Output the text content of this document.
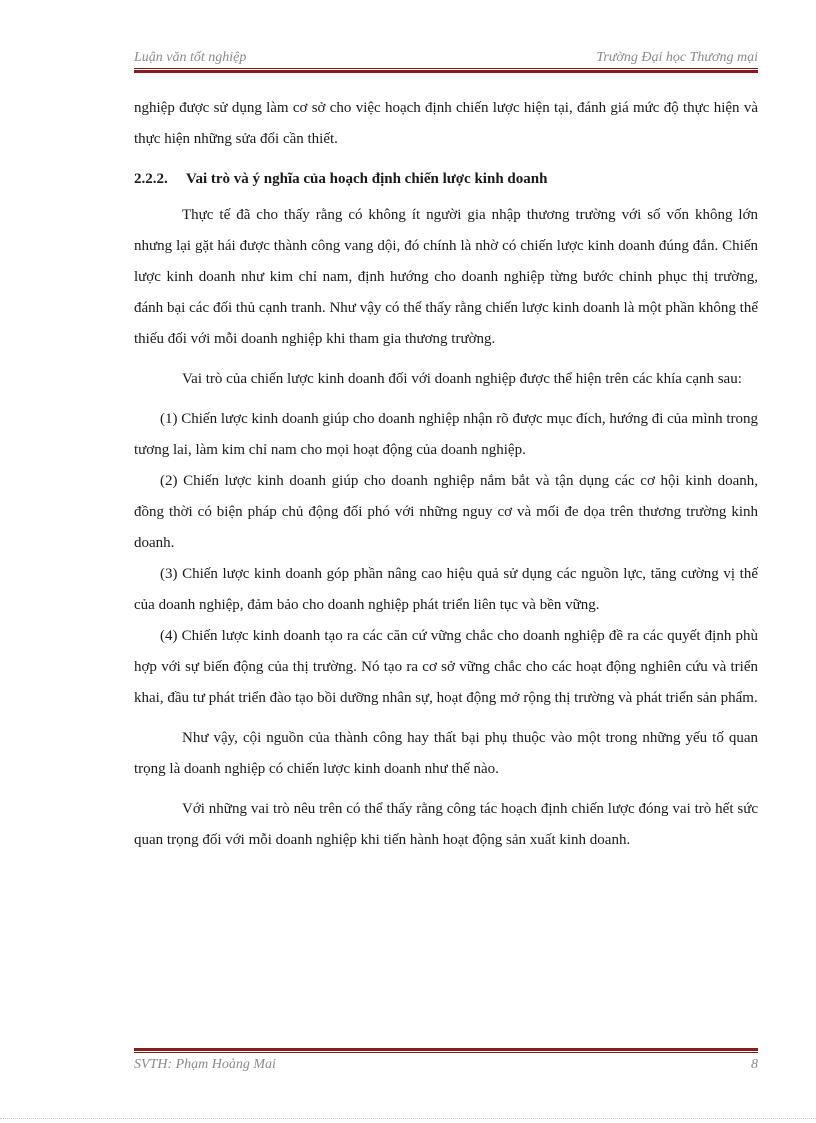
Luận văn tốt nghiệp	Trường Đại học Thương mại

nghiệp được sử dụng làm cơ sở cho việc hoạch định chiến lược hiện tại, đánh giá mức độ thực hiện và thực hiện những sửa đổi cần thiết.

2.2.2. Vai trò và ý nghĩa của hoạch định chiến lược kinh doanh

Thực tế đã cho thấy rằng có không ít người gia nhập thương trường với số vốn không lớn nhưng lại gặt hái được thành công vang dội, đó chính là nhờ có chiến lược kinh doanh đúng đắn. Chiến lược kinh doanh như kim chỉ nam, định hướng cho doanh nghiệp từng bước chinh phục thị trường, đánh bại các đối thủ cạnh tranh. Như vậy có thể thấy rằng chiến lược kinh doanh là một phần không thể thiếu đối với mỗi doanh nghiệp khi tham gia thương trường.

Vai trò của chiến lược kinh doanh đối với doanh nghiệp được thể hiện trên các khía cạnh sau:

(1) Chiến lược kinh doanh giúp cho doanh nghiệp nhận rõ được mục đích, hướng đi của mình trong tương lai, làm kim chỉ nam cho mọi hoạt động của doanh nghiệp.

(2) Chiến lược kinh doanh giúp cho doanh nghiệp nắm bắt và tận dụng các cơ hội kinh doanh, đồng thời có biện pháp chủ động đối phó với những nguy cơ và mối đe dọa trên thương trường kinh doanh.

(3) Chiến lược kinh doanh góp phần nâng cao hiệu quả sử dụng các nguồn lực, tăng cường vị thế của doanh nghiệp, đảm bảo cho doanh nghiệp phát triển liên tục và bền vững.

(4) Chiến lược kinh doanh tạo ra các căn cứ vững chắc cho doanh nghiệp đề ra các quyết định phù hợp với sự biến động của thị trường. Nó tạo ra cơ sở vững chắc cho các hoạt động nghiên cứu và triển khai, đầu tư phát triển đào tạo bồi dưỡng nhân sự, hoạt động mở rộng thị trường và phát triển sản phẩm.

Như vậy, cội nguồn của thành công hay thất bại phụ thuộc vào một trong những yếu tố quan trọng là doanh nghiệp có chiến lược kinh doanh như thế nào.

Với những vai trò nêu trên có thể thấy rằng công tác hoạch định chiến lược đóng vai trò hết sức quan trọng đối với mỗi doanh nghiệp khi tiến hành hoạt động sản xuất kinh doanh.

SVTH: Phạm Hoàng Mai	8
